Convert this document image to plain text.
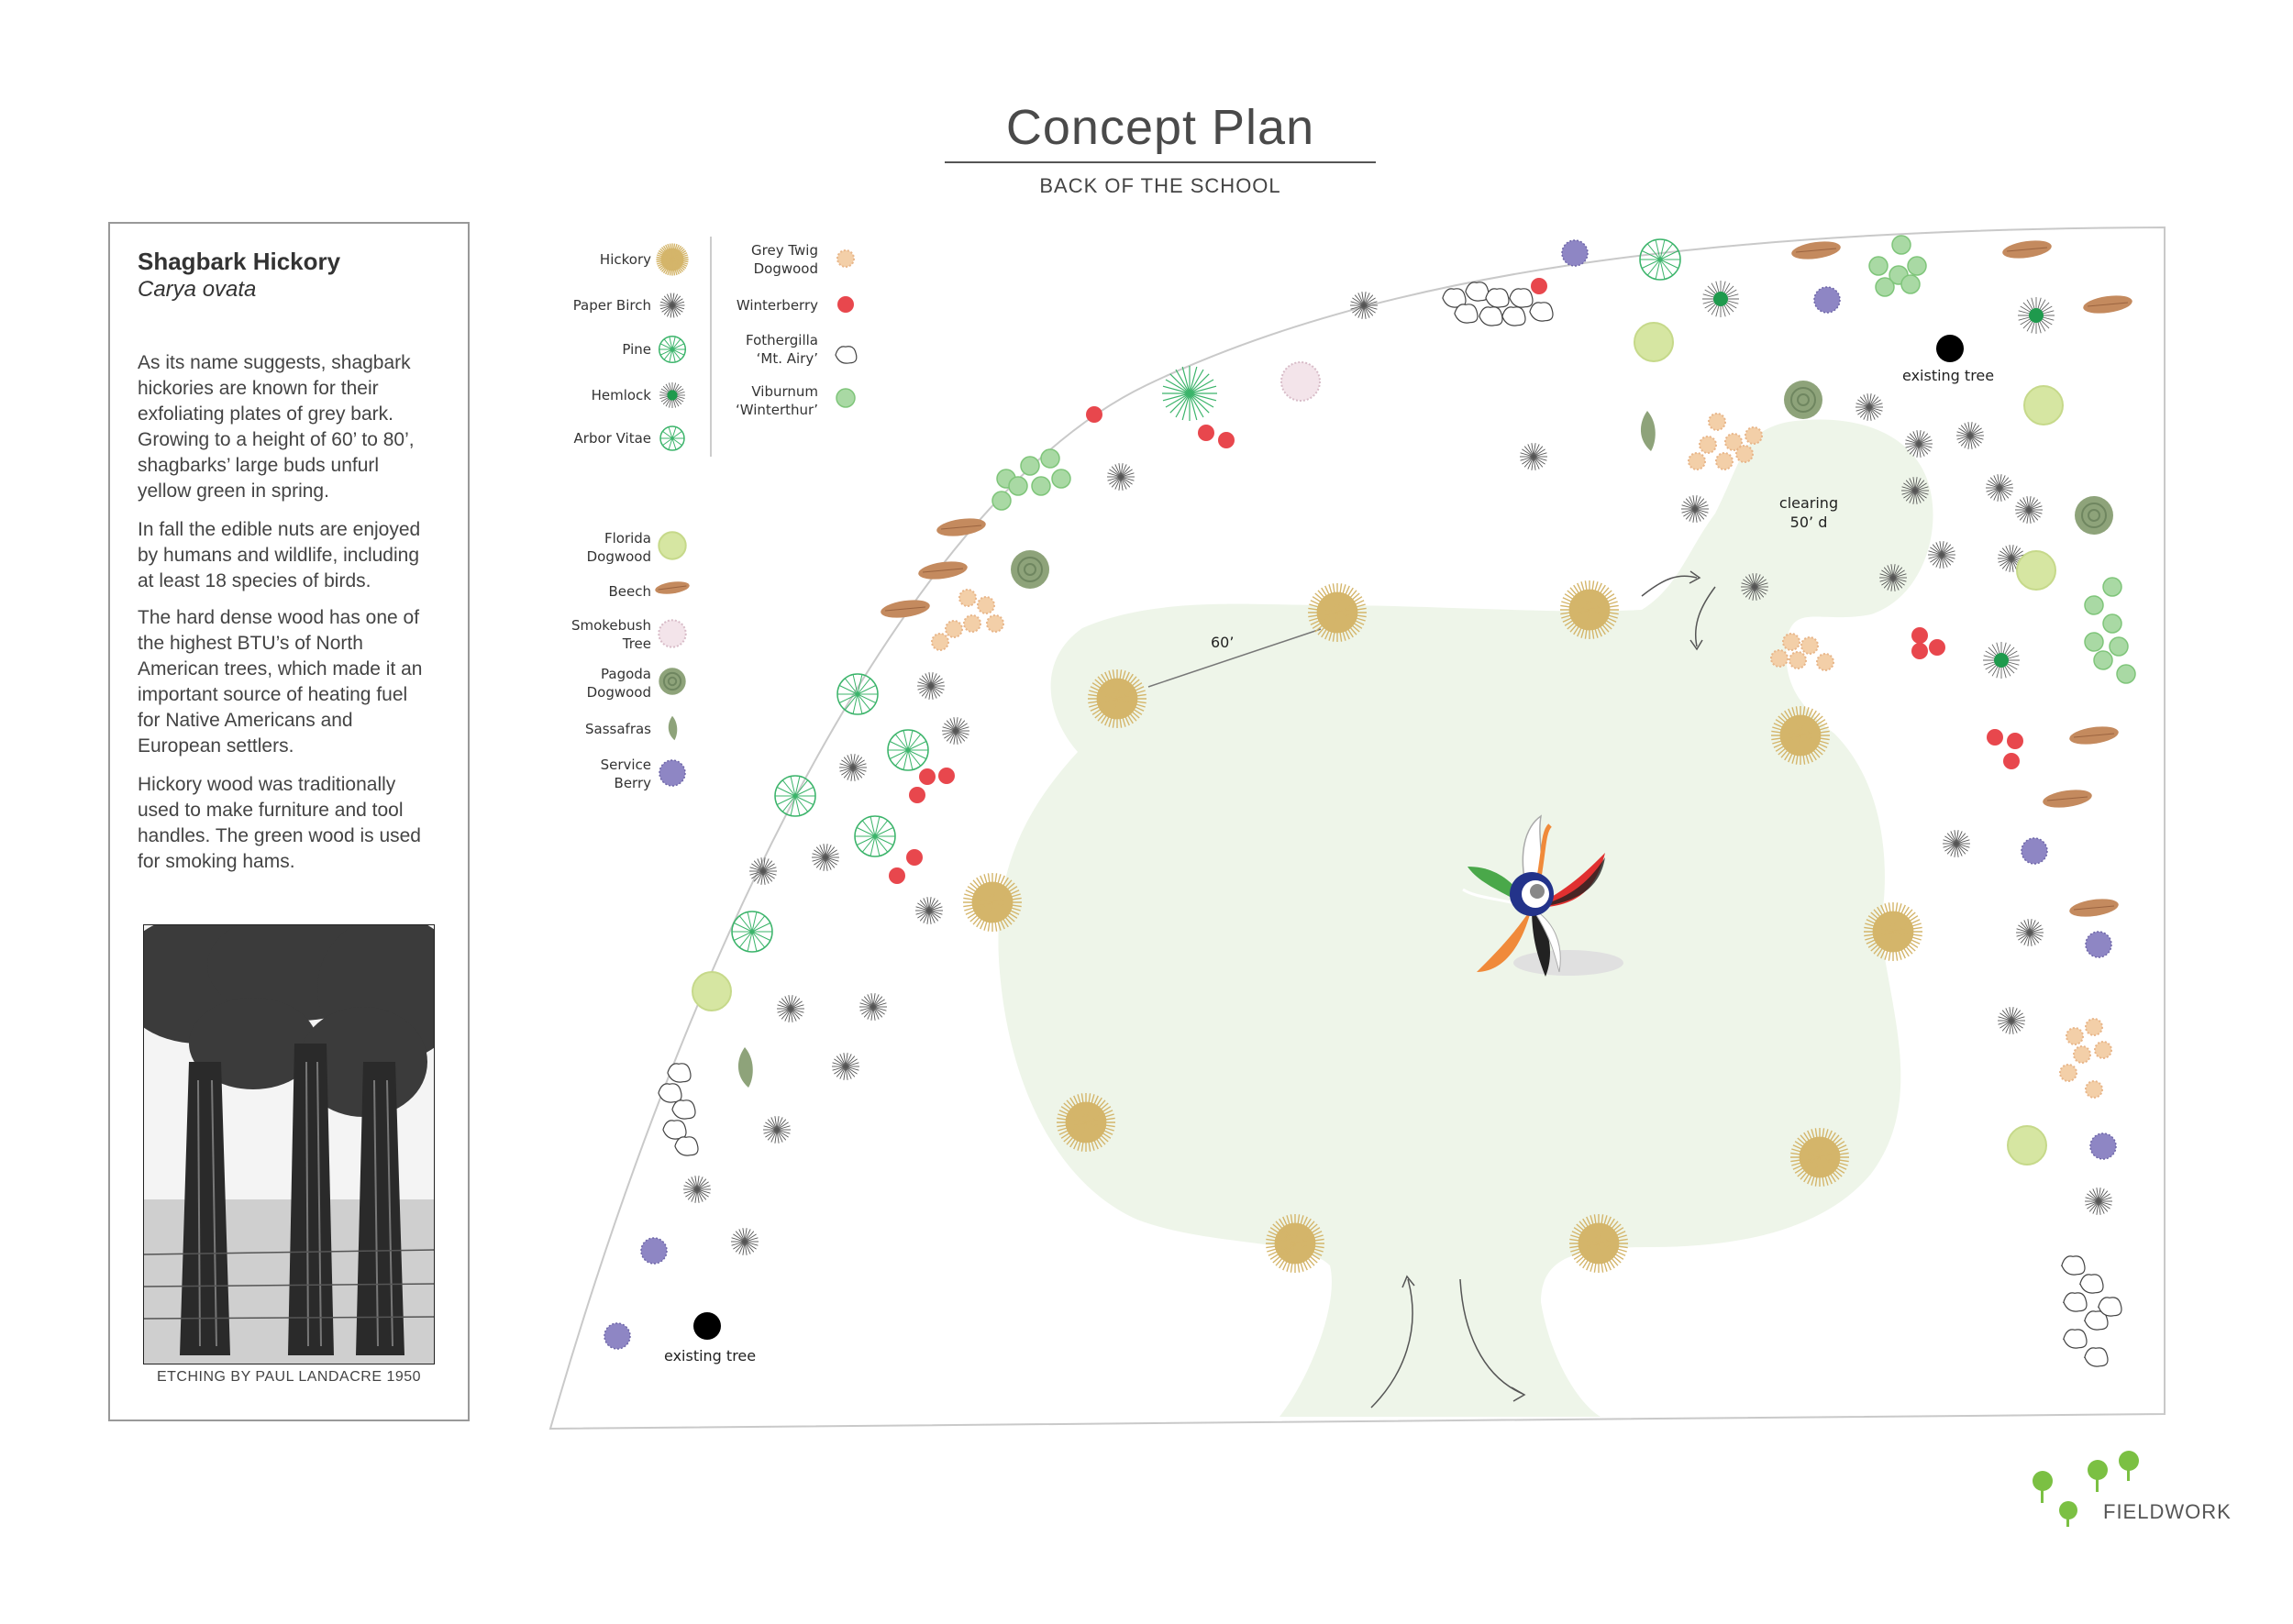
Hickory
Paper Birch
Pine
Hemlock
Arbor Vitae
Florida
Dogwood
Beech
Smokebush
Tree
Pagoda
Dogwood
Sassafras
Service
Berry
Grey Twig
Dogwood
Winterberry
Fothergilla
‘Mt. Airy’
Viburnum
‘Winterthur’
clearing 50’ d
60’
existing tree
existing tree
Concept Plan
BACK OF THE SCHOOL
Shagbark Hickory
Carya ovata
As its name suggests, shagbark hickories are known for their exfoliating plates of grey bark. Growing to a height of 60’ to 80’, shagbarks’ large buds unfurl yellow green in spring.
In fall the edible nuts are enjoyed by humans and wildlife, including at least 18 species of birds.
The hard dense wood has one of the highest BTU’s of North American trees, which made it an important source of heating fuel for Native Americans and European settlers.
Hickory wood was traditionally used to make furniture and tool handles. The green wood is used for smoking hams.
ETCHING BY PAUL LANDACRE 1950
FIELDWORK
